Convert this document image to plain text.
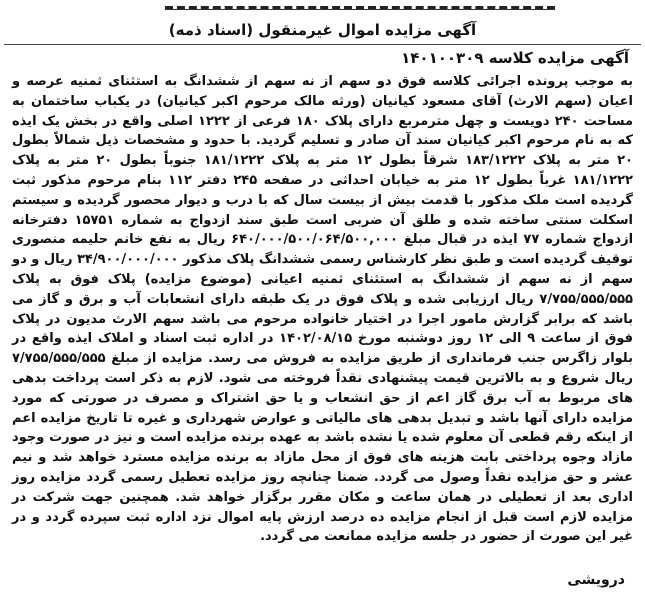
آگهی مزایده اموال غیرمنقول (اسناد ذمه)
آگهی مزایده کلاسه ۱۴۰۱۰۰۳۰۹

به موجب پرونده اجرائی کلاسه فوق دو سهم از نه سهم از ششدانگ به استثنای ثمنیه عرصه و اعیان (سهم الارث) آقای مسعود کیانیان (ورثه مالک مرحوم اکبر کیانیان) در یکباب ساختمان به مساحت ۲۴۰ دویست و چهل مترمربع دارای پلاک ۱۸۰ فرعی از ۱۲۲۲ اصلی واقع در بخش یک ایذه که به نام مرحوم اکبر کیانیان سند آن صادر و تسلیم گردید. با حدود و مشخصات ذیل شمالاً بطول ۲۰ متر به پلاک ۱۸۳/۱۲۲۲ شرقاً بطول ۱۲ متر به پلاک ۱۸۱/۱۲۲۲ جنوباً بطول ۲۰ متر به پلاک ۱۸۱/۱۲۲۲ غرباً بطول ۱۲ متر به خیابان احداثی در صفحه ۲۴۵ دفتر ۱۱۲ بنام مرحوم مذکور ثبت گردیده است ملک مذکور با قدمت بیش از بیست سال که با درب و دیوار محصور گردیده و سیستم اسکلت سنتی ساخته شده و طلق آن ضربی است طبق سند ازدواج به شماره ۱۵۷۵۱ دفترخانه ازدواج شماره ۷۷ ایذه در قبال مبلغ ۶۴۰/۰۰۰/۵۰۰/۰۶۴/۵۰۰,۰۰۰ ریال به نفع خانم حلیمه منصوری توقیف گردیده است و طبق نظر کارشناس رسمی ششدانگ پلاک مذکور ۳۴/۹۰۰/۰۰۰/۰۰۰ ریال و دو سهم از نه سهم از ششدانگ به استثنای ثمنیه اعیانی (موضوع مزایده) پلاک فوق به پلاک ۷/۷۵۵/۵۵۵/۵۵۵ ریال ارزیابی شده و پلاک فوق در یک طبقه دارای انشعابات آب و برق و گاز می باشد که برابر گزارش مامور اجرا در اختیار خانواده مرحوم می باشد سهم الارث مدیون در پلاک فوق از ساعت ۹ الی ۱۲ روز دوشنبه مورخ ۱۴۰۲/۰۸/۱۵ در اداره ثبت اسناد و املاک ایذه واقع در بلوار زاگرس جنب فرمانداری از طریق مزایده به فروش می رسد. مزایده از مبلغ ۷/۷۵۵/۵۵۵/۵۵۵ ریال شروع و به بالاترین قیمت پیشنهادی نقداً فروخته می شود. لازم به ذکر است پرداخت بدهی های مربوط به آب برق گاز اعم از حق انشعاب و یا حق اشتراک و مصرف در صورتی که مورد مزایده دارای آنها باشد و تبدیل بدهی های مالیاتی و عوارض شهرداری و غیره تا تاریخ مزایده اعم از اینکه رقم قطعی آن معلوم شده یا نشده باشد به عهده برنده مزایده است و نیز در صورت وجود مازاد وجوه پرداختی بابت هزینه های فوق از محل مازاد به برنده مزایده مسترد خواهد شد و نیم عشر و حق مزایده نقداً وصول می گردد. ضمنا چنانچه روز مزایده تعطیل رسمی گردد مزایده روز اداری بعد از تعطیلی در همان ساعت و مکان مقرر برگزار خواهد شد. همچنین جهت شرکت در مزایده لازم است قبل از انجام مزایده ده درصد ارزش پایه اموال نزد اداره ثبت سپرده گردد و در غیر این صورت از حضور در جلسه مزایده ممانعت می گردد.

درویشی
